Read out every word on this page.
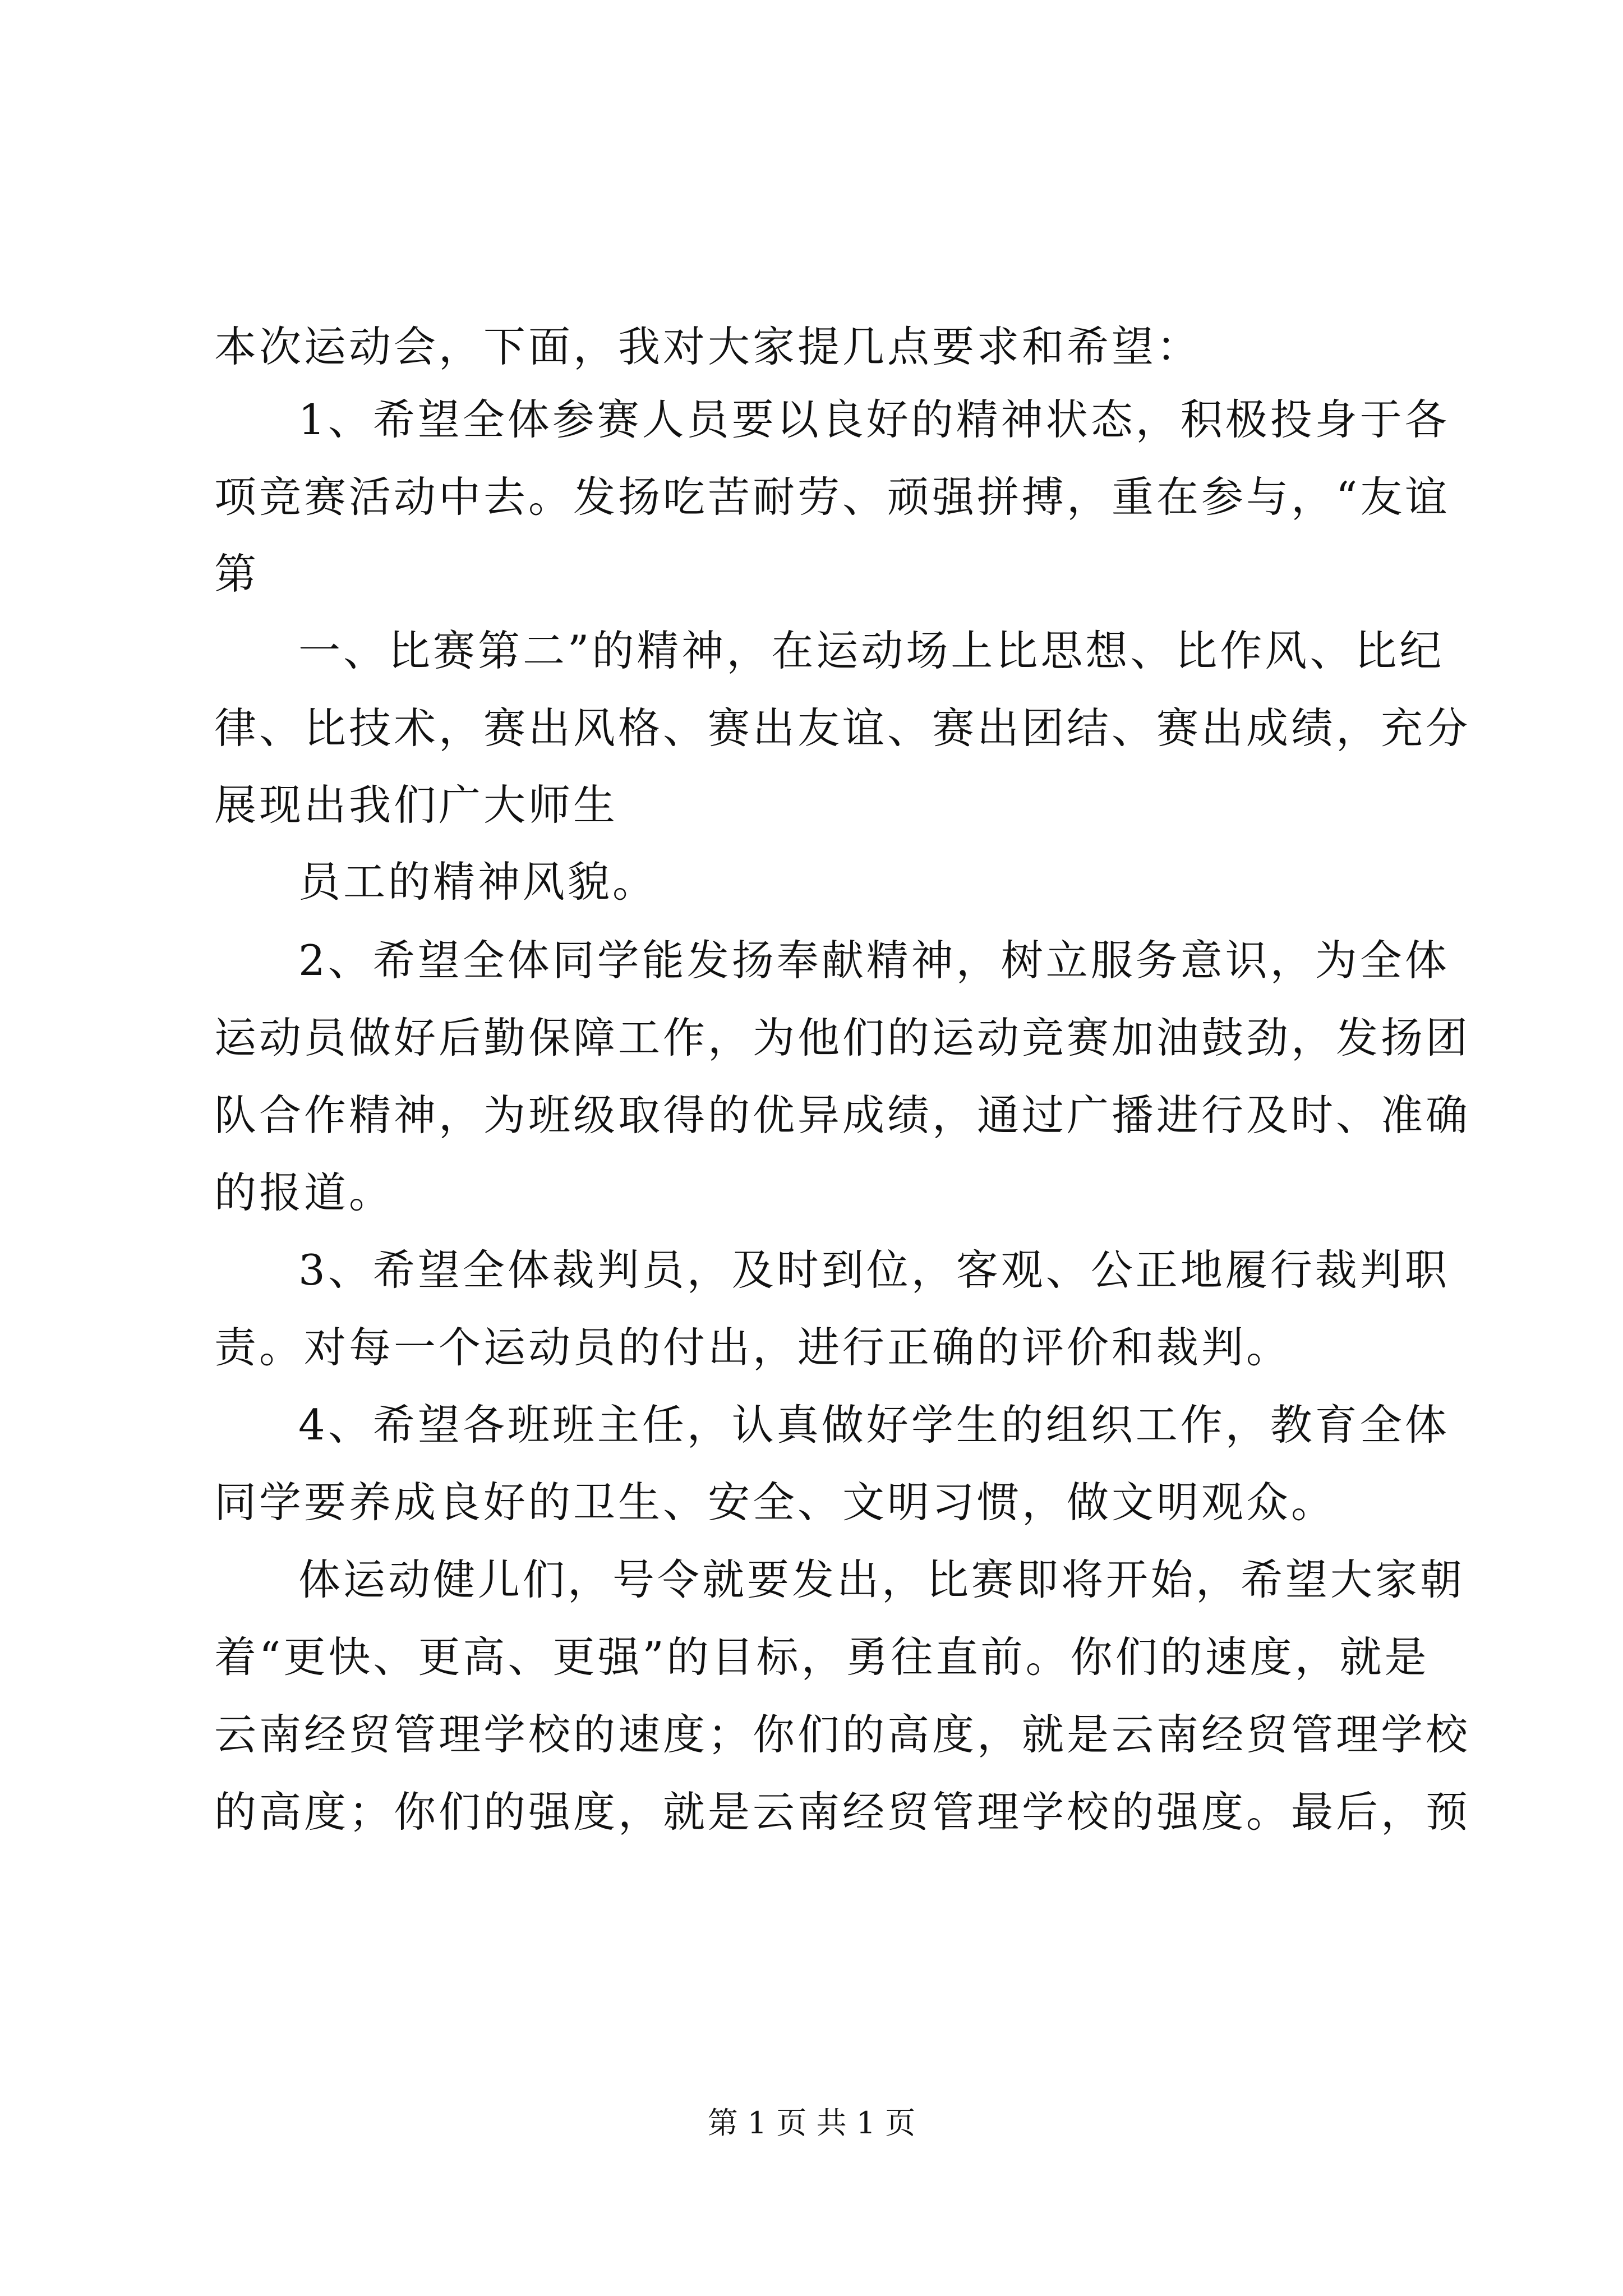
本次运动会，下面，我对大家提几点要求和希望：
1、希望全体参赛人员要以良好的精神状态，积极投身于各
项竞赛活动中去。发扬吃苦耐劳、顽强拼搏，重在参与，“友谊
第
一、比赛第二”的精神，在运动场上比思想、比作风、比纪
律、比技术，赛出风格、赛出友谊、赛出团结、赛出成绩，充分
展现出我们广大师生
员工的精神风貌。
2、希望全体同学能发扬奉献精神，树立服务意识，为全体
运动员做好后勤保障工作，为他们的运动竞赛加油鼓劲，发扬团
队合作精神，为班级取得的优异成绩，通过广播进行及时、准确
的报道。
3、希望全体裁判员，及时到位，客观、公正地履行裁判职
责。对每一个运动员的付出，进行正确的评价和裁判。
4、希望各班班主任，认真做好学生的组织工作，教育全体
同学要养成良好的卫生、安全、文明习惯，做文明观众。
体运动健儿们，号令就要发出，比赛即将开始，希望大家朝
着“更快、更高、更强”的目标，勇往直前。你们的速度，就是
云南经贸管理学校的速度；你们的高度，就是云南经贸管理学校
的高度；你们的强度，就是云南经贸管理学校的强度。最后，预
第 1 页 共 1 页
